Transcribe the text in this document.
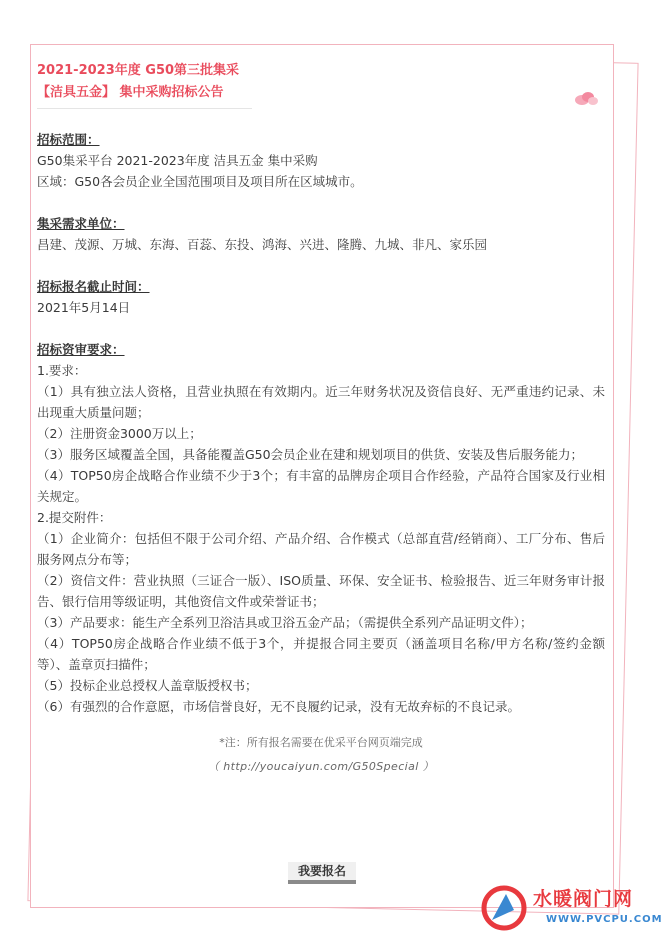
2021-2023年度 G50第三批集采
【洁具五金】 集中采购招标公告
招标范围：
G50集采平台 2021-2023年度 洁具五金 集中采购
区域：G50各会员企业全国范围项目及项目所在区域城市。
集采需求单位：
昌建、茂源、万城、东海、百蕊、东投、鸿海、兴进、隆腾、九城、非凡、家乐园
招标报名截止时间：
2021年5月14日
招标资审要求：
1.要求：
（1）具有独立法人资格，且营业执照在有效期内。近三年财务状况及资信良好、无严重违约记录、未出现重大质量问题；
（2）注册资金3000万以上；
（3）服务区域覆盖全国，具备能覆盖G50会员企业在建和规划项目的供货、安装及售后服务能力；
（4）TOP50房企战略合作业绩不少于3个；有丰富的品牌房企项目合作经验，产品符合国家及行业相关规定。
2.提交附件：
（1）企业简介：包括但不限于公司介绍、产品介绍、合作模式（总部直营/经销商）、工厂分布、售后服务网点分布等；
（2）资信文件：营业执照（三证合一版）、ISO质量、环保、安全证书、检验报告、近三年财务审计报告、银行信用等级证明，其他资信文件或荣誉证书；
（3）产品要求：能生产全系列卫浴洁具或卫浴五金产品；（需提供全系列产品证明文件）；
（4）TOP50房企战略合作业绩不低于3个，并提报合同主要页（涵盖项目名称/甲方名称/签约金额等）、盖章页扫描件；
（5）投标企业总授权人盖章版授权书；
（6）有强烈的合作意愿，市场信誉良好，无不良履约记录，没有无故弃标的不良记录。
*注：所有报名需要在优采平台网页端完成
（ http://youcaiyun.com/G50Special ）
我要报名
水暖阀门网
WWW.PVCPU.COM
